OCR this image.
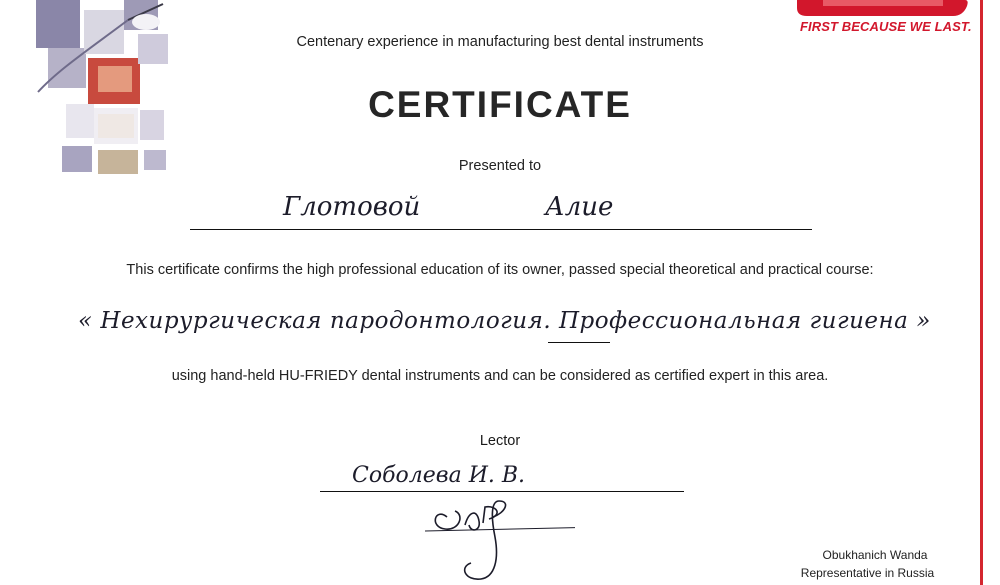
FIRST BECAUSE WE LAST.
Centenary experience in manufacturing best dental instruments
CERTIFICATE
Presented to
Глотовой	Алие
This certificate confirms the high professional education of its owner, passed special theoretical and practical course:
« Нехирургическая пародонтология. Профессиональная гигиена »
using hand-held HU-FRIEDY dental instruments and can be considered as certified expert in this area.
Lector
Соболева И. В.
Obukhanich Wanda
Representative in Russia
